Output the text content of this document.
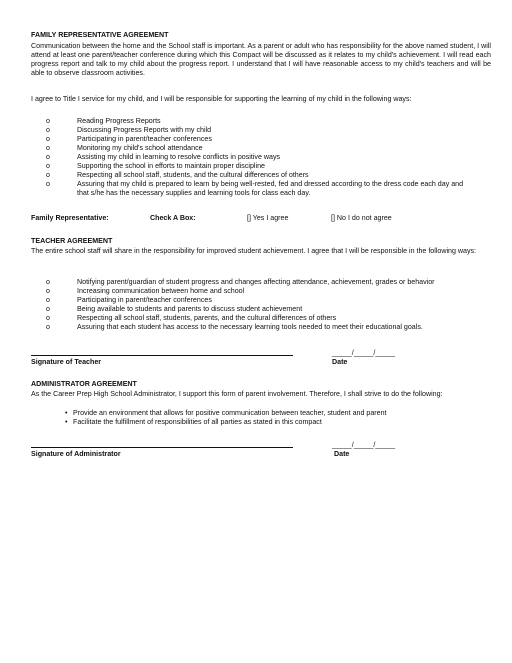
FAMILY REPRESENTATIVE AGREEMENT
Communication between the home and the School staff is important. As a parent or adult who has responsibility for the above named student, I will attend at least one parent/teacher conference during which this Compact will be discussed as it relates to my child's achievement. I will read each progress report and talk to my child about the progress report. I understand that I will have reasonable access to my child's teachers and will be able to observe classroom activities.
I agree to Title I service for my child, and I will be responsible for supporting the learning of my child in the following ways:
o	Reading Progress Reports
o	Discussing Progress Reports with my child
o	Participating in parent/teacher conferences
o	Monitoring my child's school attendance
o	Assisting my child in learning to resolve conflicts in positive ways
o	Supporting the school in efforts to maintain proper discipline
o	Respecting all school staff, students, and the cultural differences of others
o	Assuring that my child is prepared to learn by being well-rested, fed and dressed according to the dress code each day and that s/he has the necessary supplies and learning tools for class each day.
Family Representative:	Check A Box:	[] Yes I agree	[] No I do not agree
TEACHER AGREEMENT
The entire school staff will share in the responsibility for improved student achievement. I agree that I will be responsible in the following ways:
o	Notifying parent/guardian of student progress and changes affecting attendance, achievement, grades or behavior
o	Increasing communication between home and school
o	Participating in parent/teacher conferences
o	Being available to students and parents to discuss student achievement
o	Respecting all school staff, students, parents, and the cultural differences of others
o	Assuring that each student has access to the necessary learning tools needed to meet their educational goals.
_____/_____/_____
Signature of Teacher	Date
ADMINISTRATOR AGREEMENT
As the Career Prep High School Administrator, I support this form of parent involvement. Therefore, I shall strive to do the following:
• Provide an environment that allows for positive communication between teacher, student and parent
• Facilitate the fulfillment of responsibilities of all parties as stated in this compact
_____/_____/_____
Signature of Administrator	Date
